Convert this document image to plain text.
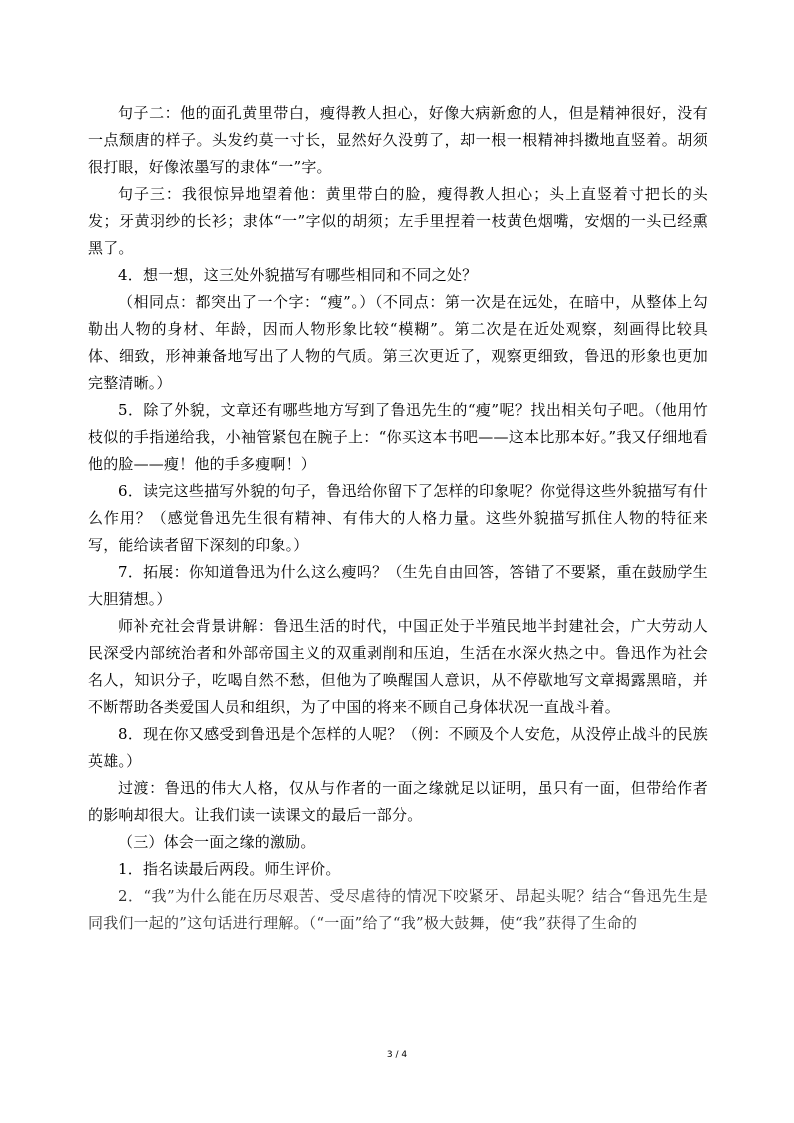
句子二：他的面孔黄里带白，瘦得教人担心，好像大病新愈的人，但是精神很好，没有一点颓唐的样子。头发约莫一寸长，显然好久没剪了，却一根一根精神抖擞地直竖着。胡须很打眼，好像浓墨写的隶体“一”字。

句子三：我很惊异地望着他：黄里带白的脸，瘦得教人担心；头上直竖着寸把长的头发；牙黄羽纱的长衫；隶体“一”字似的胡须；左手里捏着一枝黄色烟嘴，安烟的一头已经熏黑了。

4．想一想，这三处外貌描写有哪些相同和不同之处？

（相同点：都突出了一个字：“瘦”。）（不同点：第一次是在远处，在暗中，从整体上勾勒出人物的身材、年龄，因而人物形象比较“模糊”。第二次是在近处观察，刻画得比较具体、细致，形神兼备地写出了人物的气质。第三次更近了，观察更细致，鲁迅的形象也更加完整清晰。）

5．除了外貌，文章还有哪些地方写到了鲁迅先生的“瘦”呢？找出相关句子吧。（他用竹枝似的手指递给我，小袖管紧包在腕子上：“你买这本书吧——这本比那本好。”我又仔细地看他的脸——瘦！他的手多瘦啊！）

6．读完这些描写外貌的句子，鲁迅给你留下了怎样的印象呢？你觉得这些外貌描写有什么作用？（感觉鲁迅先生很有精神、有伟大的人格力量。这些外貌描写抓住人物的特征来写，能给读者留下深刻的印象。）

7．拓展：你知道鲁迅为什么这么瘦吗？（生先自由回答，答错了不要紧，重在鼓励学生大胆猜想。）

师补充社会背景讲解：鲁迅生活的时代，中国正处于半殖民地半封建社会，广大劳动人民深受内部统治者和外部帝国主义的双重剥削和压迫，生活在水深火热之中。鲁迅作为社会名人，知识分子，吃喝自然不愁，但他为了唤醒国人意识，从不停歇地写文章揭露黑暗，并不断帮助各类爱国人员和组织，为了中国的将来不顾自己身体状况一直战斗着。

8．现在你又感受到鲁迅是个怎样的人呢？（例：不顾及个人安危，从没停止战斗的民族英雄。）

过渡：鲁迅的伟大人格，仅从与作者的一面之缘就足以证明，虽只有一面，但带给作者的影响却很大。让我们读一读课文的最后一部分。

（三）体会一面之缘的激励。

1．指名读最后两段。师生评价。

2．“我”为什么能在历尽艰苦、受尽虐待的情况下咬紧牙、昂起头呢？结合“鲁迅先生是同我们一起的”这句话进行理解。（“一面”给了“我”极大鼓舞，使“我”获得了生命的

3 / 4
